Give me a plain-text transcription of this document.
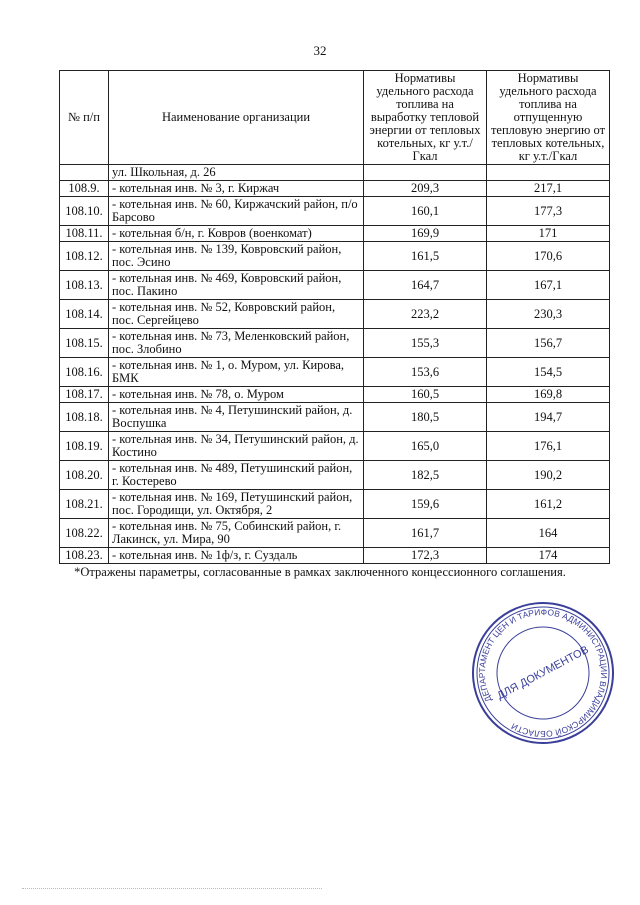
32
№ п/п	Наименование организации	Нормативы удельного расхода топлива на выработку тепловой энергии от тепловых котельных, кг у.т./Гкал	Нормативы удельного расхода топлива на отпущенную тепловую энергию от тепловых котельных, кг у.т./Гкал
	ул. Школьная, д. 26		
108.9.	- котельная инв. № 3, г. Киржач	209,3	217,1
108.10.	- котельная инв. № 60, Киржачский район, п/о Барсово	160,1	177,3
108.11.	- котельная б/н, г. Ковров (военкомат)	169,9	171
108.12.	- котельная инв. № 139, Ковровский район, пос. Эсино	161,5	170,6
108.13.	- котельная инв. № 469, Ковровский район, пос. Пакино	164,7	167,1
108.14.	- котельная инв. № 52, Ковровский район, пос. Сергейцево	223,2	230,3
108.15.	- котельная инв. № 73, Меленковский район, пос. Злобино	155,3	156,7
108.16.	- котельная инв. № 1, о. Муром, ул. Кирова, БМК	153,6	154,5
108.17.	- котельная инв. № 78, о. Муром	160,5	169,8
108.18.	- котельная инв. № 4, Петушинский район, д. Воспушка	180,5	194,7
108.19.	- котельная инв. № 34, Петушинский район, д. Костино	165,0	176,1
108.20.	- котельная инв. № 489, Петушинский район, г. Костерево	182,5	190,2
108.21.	- котельная инв. № 169, Петушинский район, пос. Городищи, ул. Октября, 2	159,6	161,2
108.22.	- котельная инв. № 75, Собинский район, г. Лакинск, ул. Мира, 90	161,7	164
108.23.	- котельная инв. № 1ф/з, г. Суздаль	172,3	174
*Отражены параметры, согласованные в рамках заключенного концессионного соглашения.
ДЕПАРТАМЕНТ ЦЕН И ТАРИФОВ АДМИНИСТРАЦИИ ВЛАДИМИРСКОЙ ОБЛАСТИ
ДЛЯ ДОКУМЕНТОВ
